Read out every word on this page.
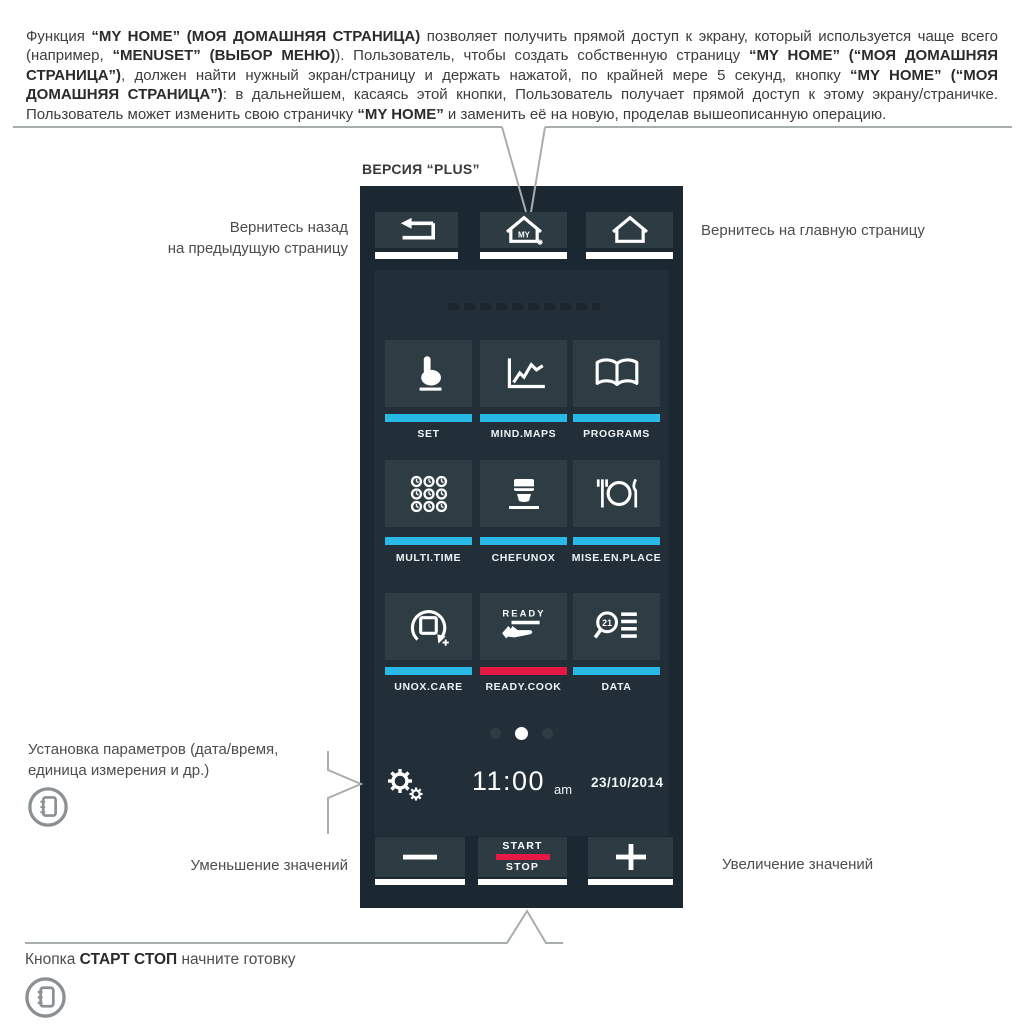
Функция “MY HOME” (МОЯ ДОМАШНЯЯ СТРАНИЦА) позволяет получить прямой доступ к экрану, который используется чаще всего (например, “MENUSET” (ВЫБОР МЕНЮ)). Пользователь, чтобы создать собственную страницу “MY HOME” (“МОЯ ДОМАШНЯЯ СТРАНИЦА”), должен найти нужный экран/страницу и держать нажатой, по крайней мере 5 секунд, кнопку “MY HOME” (“МОЯ ДОМАШНЯЯ СТРАНИЦА”): в дальнейшем, касаясь этой кнопки, Пользователь получает прямой доступ к этому экрану/страничке. Пользователь может изменить свою страничку “MY HOME” и заменить её на новую, проделав вышеописанную операцию.

ВЕРСИЯ “PLUS”
MY
SET	MIND.MAPS	PROGRAMS
MULTI.TIME	CHEFUNOX	MISE.EN.PLACE
UNOX.CARE
READY
READY.COOK
21
DATA
11:00 am 23/10/2014
START
STOP
Вернитесь назад
на предыдущую страницу
Вернитесь на главную страницу
Установка параметров (дата/время,
единица измерения и др.)
Уменьшение значений	Увеличение значений
Кнопка СТАРТ СТОП начните готовку
